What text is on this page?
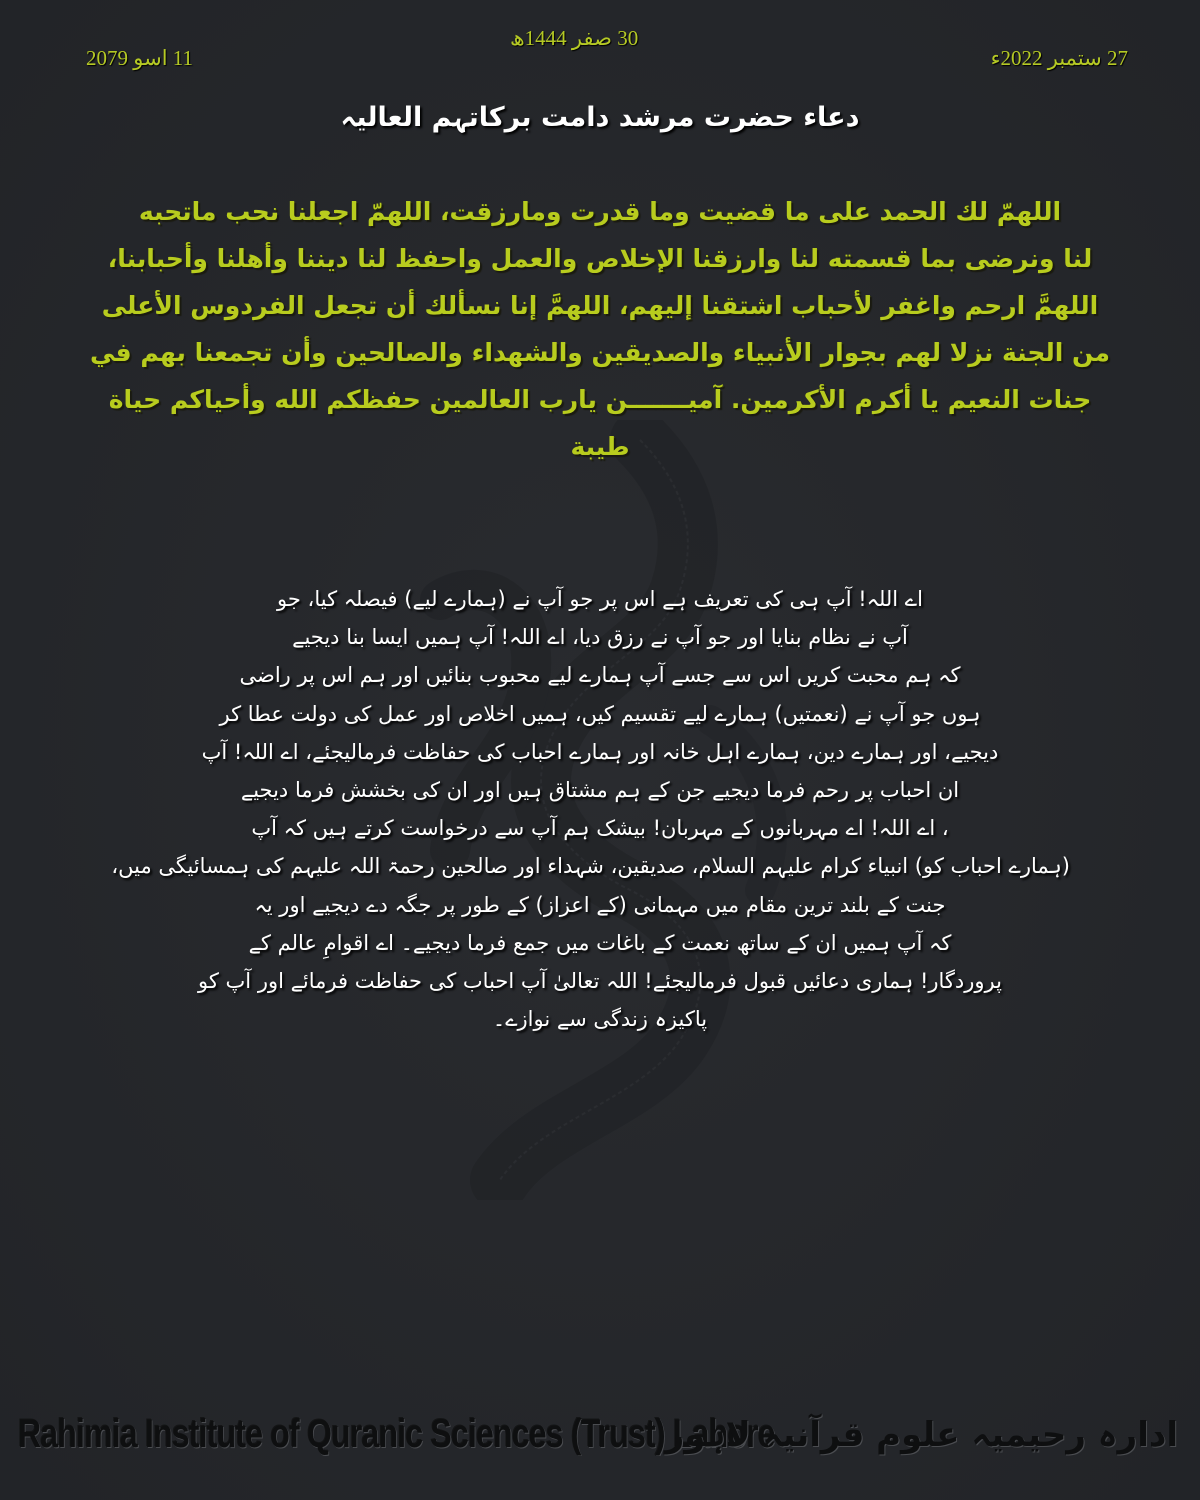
30 صفر 1444ھ
27 ستمبر 2022ء
11 اسو 2079
دعاء حضرت مرشد دامت برکاتہم العالیہ
اللهمّ لك الحمد على ما قضيت وما قدرت ومارزقت، اللهمّ اجعلنا نحب ماتحبه
لنا ونرضى بما قسمته لنا وارزقنا الإخلاص والعمل واحفظ لنا ديننا وأهلنا وأحبابنا،
اللهمَّ ارحم واغفر لأحباب اشتقنا إليهم، اللهمَّ إنا نسألك أن تجعل الفردوس الأعلى
من الجنة نزلا لهم بجوار الأنبياء والصديقين والشهداء والصالحين وأن تجمعنا بهم في
جنات النعيم يا أكرم الأكرمين. آميـــــــن يارب العالمين حفظكم الله وأحياكم حياة
طيبة
اے اللہ! آپ ہی کی تعریف ہے اس پر جو آپ نے (ہمارے لیے) فیصلہ کیا، جو
آپ نے نظام بنایا اور جو آپ نے رزق دیا، اے اللہ! آپ ہمیں ایسا بنا دیجیے
کہ ہم محبت کریں اس سے جسے آپ ہمارے لیے محبوب بنائیں اور ہم اس پر راضی
ہوں جو آپ نے (نعمتیں) ہمارے لیے تقسیم کیں، ہمیں اخلاص اور عمل کی دولت عطا کر
دیجیے، اور ہمارے دین، ہمارے اہل خانہ اور ہمارے احباب کی حفاظت فرمالیجئے، اے اللہ! آپ
ان احباب پر رحم فرما دیجیے جن کے ہم مشتاق ہیں اور ان کی بخشش فرما دیجیے
، اے اللہ! اے مہربانوں کے مہربان! بیشک ہم آپ سے درخواست کرتے ہیں کہ آپ
(ہمارے احباب کو) انبیاء کرام علیہم السلام، صدیقین، شہداء اور صالحین رحمۃ اللہ علیہم کی ہمسائیگی میں،
جنت کے بلند ترین مقام میں مہمانی (کے اعزاز) کے طور پر جگہ دے دیجیے اور یہ
کہ آپ ہمیں ان کے ساتھ نعمت کے باغات میں جمع فرما دیجیے۔ اے اقوامِ عالم کے
پروردگار! ہماری دعائیں قبول فرمالیجئے! اللہ تعالیٰ آپ احباب کی حفاظت فرمائے اور آپ کو
پاکیزہ زندگی سے نوازے۔
Rahimia Institute of Quranic Sciences (Trust) Lahore
ادارہ رحیمیہ علوم قرآنیہ لاہور
